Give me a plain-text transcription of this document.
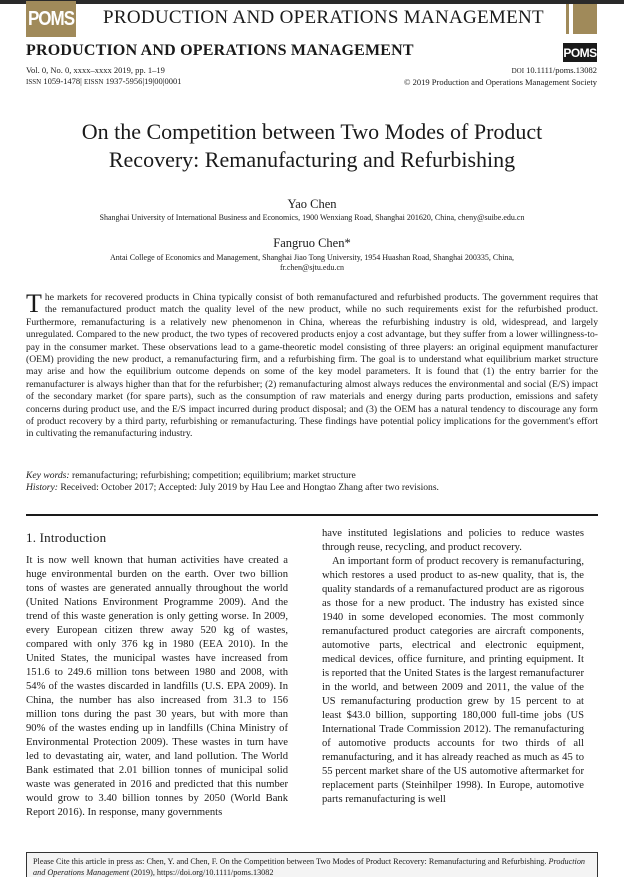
POMS PRODUCTION AND OPERATIONS MANAGEMENT
PRODUCTION AND OPERATIONS MANAGEMENT	POMS
Vol. 0, No. 0, xxxx–xxxx 2019, pp. 1–19
ISSN 1059-1478| EISSN 1937-5956|19|00|0001
DOI 10.1111/poms.13082
© 2019 Production and Operations Management Society
On the Competition between Two Modes of Product
Recovery: Remanufacturing and Refurbishing
Yao Chen
Shanghai University of International Business and Economics, 1900 Wenxiang Road, Shanghai 201620, China, cheny@suibe.edu.cn
Fangruo Chen*
Antai College of Economics and Management, Shanghai Jiao Tong University, 1954 Huashan Road, Shanghai 200335, China,
fr.chen@sjtu.edu.cn
The markets for recovered products in China typically consist of both remanufactured and refurbished products. The government requires that the remanufactured product match the quality level of the new product, while no such requirements exist for the refurbished product. Furthermore, remanufacturing is a relatively new phenomenon in China, whereas the refurbishing industry is old, widespread, and largely unregulated. Compared to the new product, the two types of recovered products enjoy a cost advantage, but they suffer from a lower willingness-to-pay in the consumer market. These observations lead to a game-theoretic model consisting of three players: an original equipment manufacturer (OEM) providing the new product, a remanufacturing firm, and a refurbishing firm. The goal is to understand what equilibrium market structure may arise and how the equilibrium outcome depends on some of the key model parameters. It is found that (1) the entry barrier for the remanufacturer is always higher than that for the refurbisher; (2) remanufacturing almost always reduces the environmental and social (E/S) impact of the secondary market (for spare parts), such as the consumption of raw materials and energy during parts production, emissions and safety concerns during product use, and the E/S impact incurred during product disposal; and (3) the OEM has a natural tendency to discourage any form of product recovery by a third party, refurbishing or remanufacturing. These findings have potential policy implications for the government's effort in cultivating the remanufacturing industry.
Key words: remanufacturing; refurbishing; competition; equilibrium; market structure
History: Received: October 2017; Accepted: July 2019 by Hau Lee and Hongtao Zhang after two revisions.
1. Introduction

It is now well known that human activities have created a huge environmental burden on the earth. Over two billion tons of wastes are generated annually throughout the world (United Nations Environment Programme 2009). And the trend of this waste generation is only getting worse. In 2009, every European citizen threw away 520 kg of wastes, compared with only 376 kg in 1980 (EEA 2010). In the United States, the municipal wastes have increased from 151.6 to 249.6 million tons between 1980 and 2008, with 54% of the wastes discarded in landfills (U.S. EPA 2009). In China, the number has also increased from 31.3 to 156 million tons during the past 30 years, but with more than 90% of the wastes ending up in landfills (China Ministry of Environmental Protection 2009). These wastes in turn have led to devastating air, water, and land pollution. The World Bank estimated that 2.01 billion tonnes of municipal solid waste was generated in 2016 and predicted that this number would grow to 3.40 billion tonnes by 2050 (World Bank Report 2016). In response, many governments

have instituted legislations and policies to reduce wastes through reuse, recycling, and product recovery.

An important form of product recovery is remanufacturing, which restores a used product to as-new quality, that is, the quality standards of a remanufactured product are as rigorous as those for a new product. The industry has existed since 1940 in some developed economies. The most commonly remanufactured product categories are aircraft components, automotive parts, electrical and electronic equipment, medical devices, office furniture, and printing equipment. It is reported that the United States is the largest remanufacturer in the world, and between 2009 and 2011, the value of the US remanufacturing production grew by 15 percent to at least $43.0 billion, supporting 180,000 full-time jobs (US International Trade Commission 2012). The remanufacturing of automotive products accounts for two thirds of all remanufacturing, and it has already reached as much as 45 to 55 percent market share of the US automotive aftermarket for replacement parts (Steinhilper 1998). In Europe, automotive parts remanufacturing is well

Please Cite this article in press as: Chen, Y. and Chen, F. On the Competition between Two Modes of Product Recovery: Remanufacturing and Refurbishing. Production and Operations Management (2019), https://doi.org/10.1111/poms.13082
